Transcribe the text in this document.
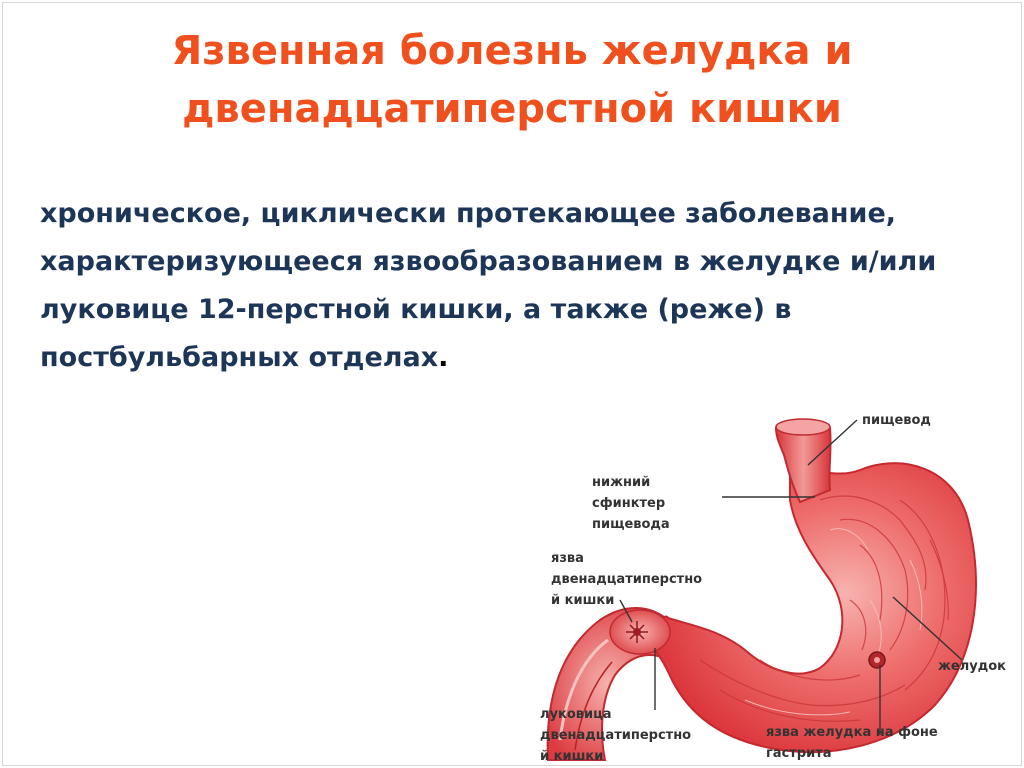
Язвенная болезнь желудка и
двенадцатиперстной кишки
хроническое, циклически протекающее заболевание, характеризующееся язвообразованием в желудке и/или луковице 12-перстной кишки, а также (реже) в постбульбарных отделах.
пищевод
нижний
сфинктер
пищевода
язва
двенадцатиперстно
й кишки
желудок
луковица
двенадцатиперстно
й кишки
язва желудка на фоне
гастрита
